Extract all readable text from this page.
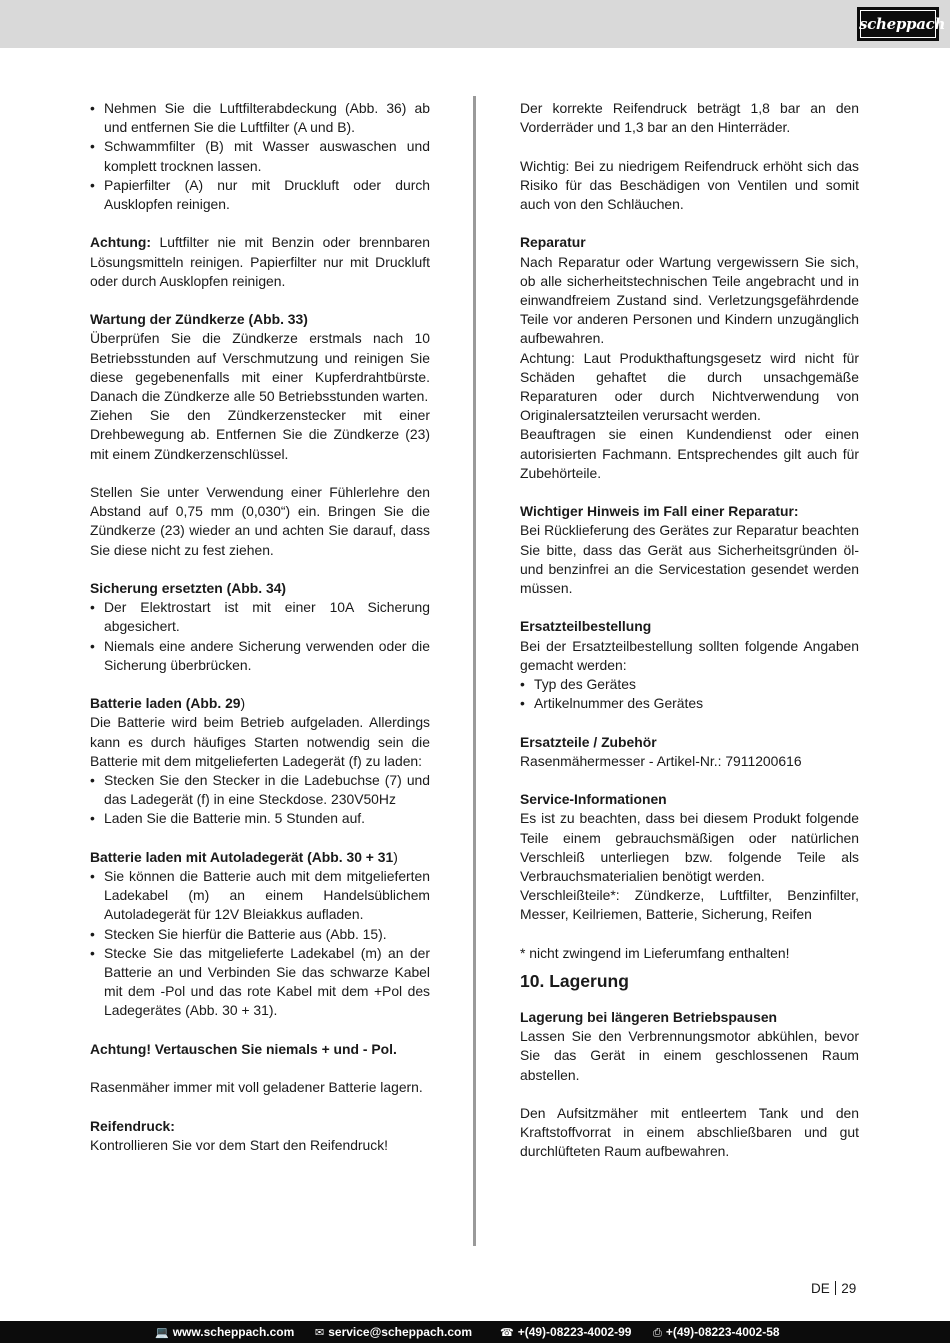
scheppach
• Nehmen Sie die Luftfilterabdeckung (Abb. 36) ab und entfernen Sie die Luftfilter (A und B).
• Schwammfilter (B) mit Wasser auswaschen und komplett trocknen lassen.
• Papierfilter (A) nur mit Druckluft oder durch Ausklopfen reinigen.

Achtung: Luftfilter nie mit Benzin oder brennbaren Lösungsmitteln reinigen. Papierfilter nur mit Druckluft oder durch Ausklopfen reinigen.

Wartung der Zündkerze (Abb. 33)

Überprüfen Sie die Zündkerze erstmals nach 10 Betriebsstunden auf Verschmutzung und reinigen Sie diese gegebenenfalls mit einer Kupferdrahtbürste. Danach die Zündkerze alle 50 Betriebsstunden warten.

Ziehen Sie den Zündkerzenstecker mit einer Drehbewegung ab. Entfernen Sie die Zündkerze (23) mit einem Zündkerzenschlüssel.

Stellen Sie unter Verwendung einer Fühlerlehre den Abstand auf 0,75 mm (0,030“) ein. Bringen Sie die Zündkerze (23) wieder an und achten Sie darauf, dass Sie diese nicht zu fest ziehen.

Sicherung ersetzten (Abb. 34)

• Der Elektrostart ist mit einer 10A Sicherung abgesichert.
• Niemals eine andere Sicherung verwenden oder die Sicherung überbrücken.

Batterie laden (Abb. 29)

Die Batterie wird beim Betrieb aufgeladen. Allerdings kann es durch häufiges Starten notwendig sein die Batterie mit dem mitgelieferten Ladegerät (f) zu laden:

• Stecken Sie den Stecker in die Ladebuchse (7) und das Ladegerät (f) in eine Steckdose. 230V50Hz
• Laden Sie die Batterie min. 5 Stunden auf.

Batterie laden mit Autoladegerät (Abb. 30 + 31)

• Sie können die Batterie auch mit dem mitgelieferten Ladekabel (m) an einem Handelsüblichem Autoladegerät für 12V Bleiakkus aufladen.
• Stecken Sie hierfür die Batterie aus (Abb. 15).
• Stecke Sie das mitgelieferte Ladekabel (m) an der Batterie an und Verbinden Sie das schwarze Kabel mit dem -Pol und das rote Kabel mit dem +Pol des Ladegerätes (Abb. 30 + 31).

Achtung! Vertauschen Sie niemals + und - Pol.

Rasenmäher immer mit voll geladener Batterie lagern.

Reifendruck:

Kontrollieren Sie vor dem Start den Reifendruck!

Der korrekte Reifendruck beträgt 1,8 bar an den Vorderräder und 1,3 bar an den Hinterräder.

Wichtig: Bei zu niedrigem Reifendruck erhöht sich das Risiko für das Beschädigen von Ventilen und somit auch von den Schläuchen.

Reparatur

Nach Reparatur oder Wartung vergewissern Sie sich, ob alle sicherheitstechnischen Teile angebracht und in einwandfreiem Zustand sind. Verletzungsgefährdende Teile vor anderen Personen und Kindern unzugänglich aufbewahren.

Achtung: Laut Produkthaftungsgesetz wird nicht für Schäden gehaftet die durch unsachgemäße Reparaturen oder durch Nichtverwendung von Originalersatzteilen verursacht werden.

Beauftragen sie einen Kundendienst oder einen autorisierten Fachmann. Entsprechendes gilt auch für Zubehörteile.

Wichtiger Hinweis im Fall einer Reparatur:

Bei Rücklieferung des Gerätes zur Reparatur beachten Sie bitte, dass das Gerät aus Sicherheitsgründen öl- und benzinfrei an die Servicestation gesendet werden müssen.

Ersatzteilbestellung

Bei der Ersatzteilbestellung sollten folgende Angaben gemacht werden:

• Typ des Gerätes
• Artikelnummer des Gerätes

Ersatzteile / Zubehör

Rasenmähermesser - Artikel-Nr.: 7911200616

Service-Informationen

Es ist zu beachten, dass bei diesem Produkt folgende Teile einem gebrauchsmäßigen oder natürlichen Verschleiß unterliegen bzw. folgende Teile als Verbrauchsmaterialien benötigt werden.

Verschleißteile*: Zündkerze, Luftfilter, Benzinfilter, Messer, Keilriemen, Batterie, Sicherung, Reifen

* nicht zwingend im Lieferumfang enthalten!

10. Lagerung

Lagerung bei längeren Betriebspausen

Lassen Sie den Verbrennungsmotor abkühlen, bevor Sie das Gerät in einem geschlossenen Raum abstellen.

Den Aufsitzmäher mit entleertem Tank und den Kraftstoffvorrat in einem abschließbaren und gut durchlüfteten Raum aufbewahren.

DE 29
💻 www.scheppach.com ✉ service@scheppach.com	☎ +(49)-08223-4002-99 ⎙ +(49)-08223-4002-58
